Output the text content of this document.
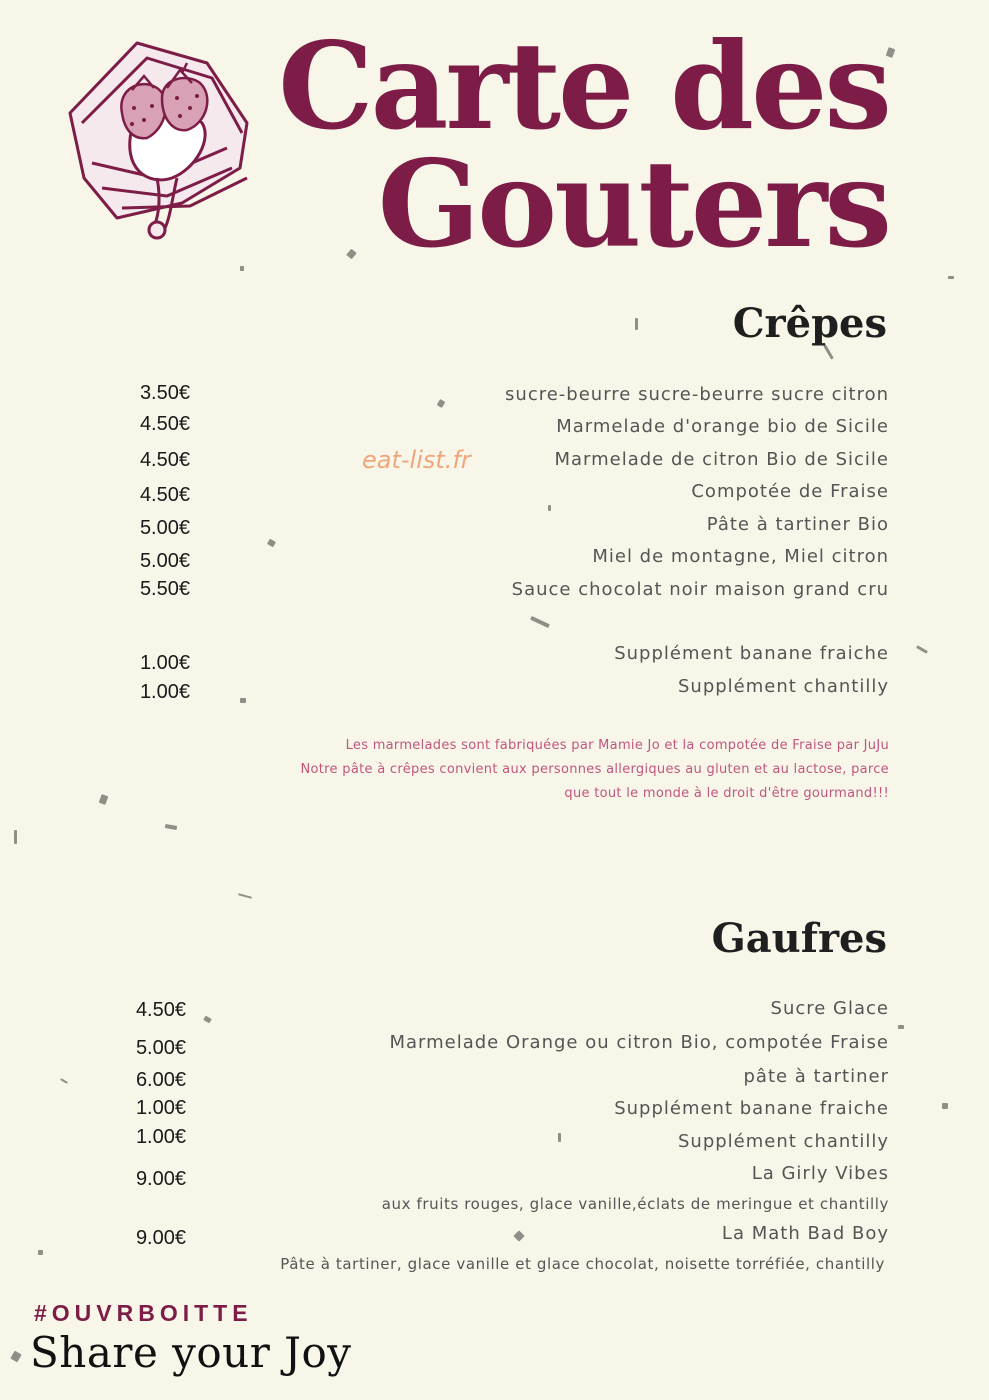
Carte des
Gouters
eat-list.fr
Crêpes
3.50€	sucre-beurre sucre-beurre sucre citron
4.50€	Marmelade d'orange bio de Sicile
4.50€	Marmelade de citron Bio de Sicile
4.50€	Compotée de Fraise
5.00€	Pâte à tartiner Bio
5.00€	Miel de montagne, Miel citron
5.50€	Sauce chocolat noir maison grand cru
1.00€	Supplément banane fraiche
1.00€	Supplément chantilly
Les marmelades sont fabriquées par Mamie Jo et la compotée de Fraise par JuJu
Notre pâte à crêpes convient aux personnes allergiques au gluten et au lactose, parce
que tout le monde à le droit d'être gourmand!!!
Gaufres
4.50€	Sucre Glace
5.00€	Marmelade Orange ou citron Bio, compotée Fraise
6.00€	pâte à tartiner
1.00€	Supplément banane fraiche
1.00€	Supplément chantilly
9.00€	La Girly Vibes
aux fruits rouges, glace vanille,éclats de meringue et chantilly
9.00€	La Math Bad Boy
Pâte à tartiner, glace vanille et glace chocolat, noisette torréfiée, chantilly
#OUVRBOITTE
Share your Joy
